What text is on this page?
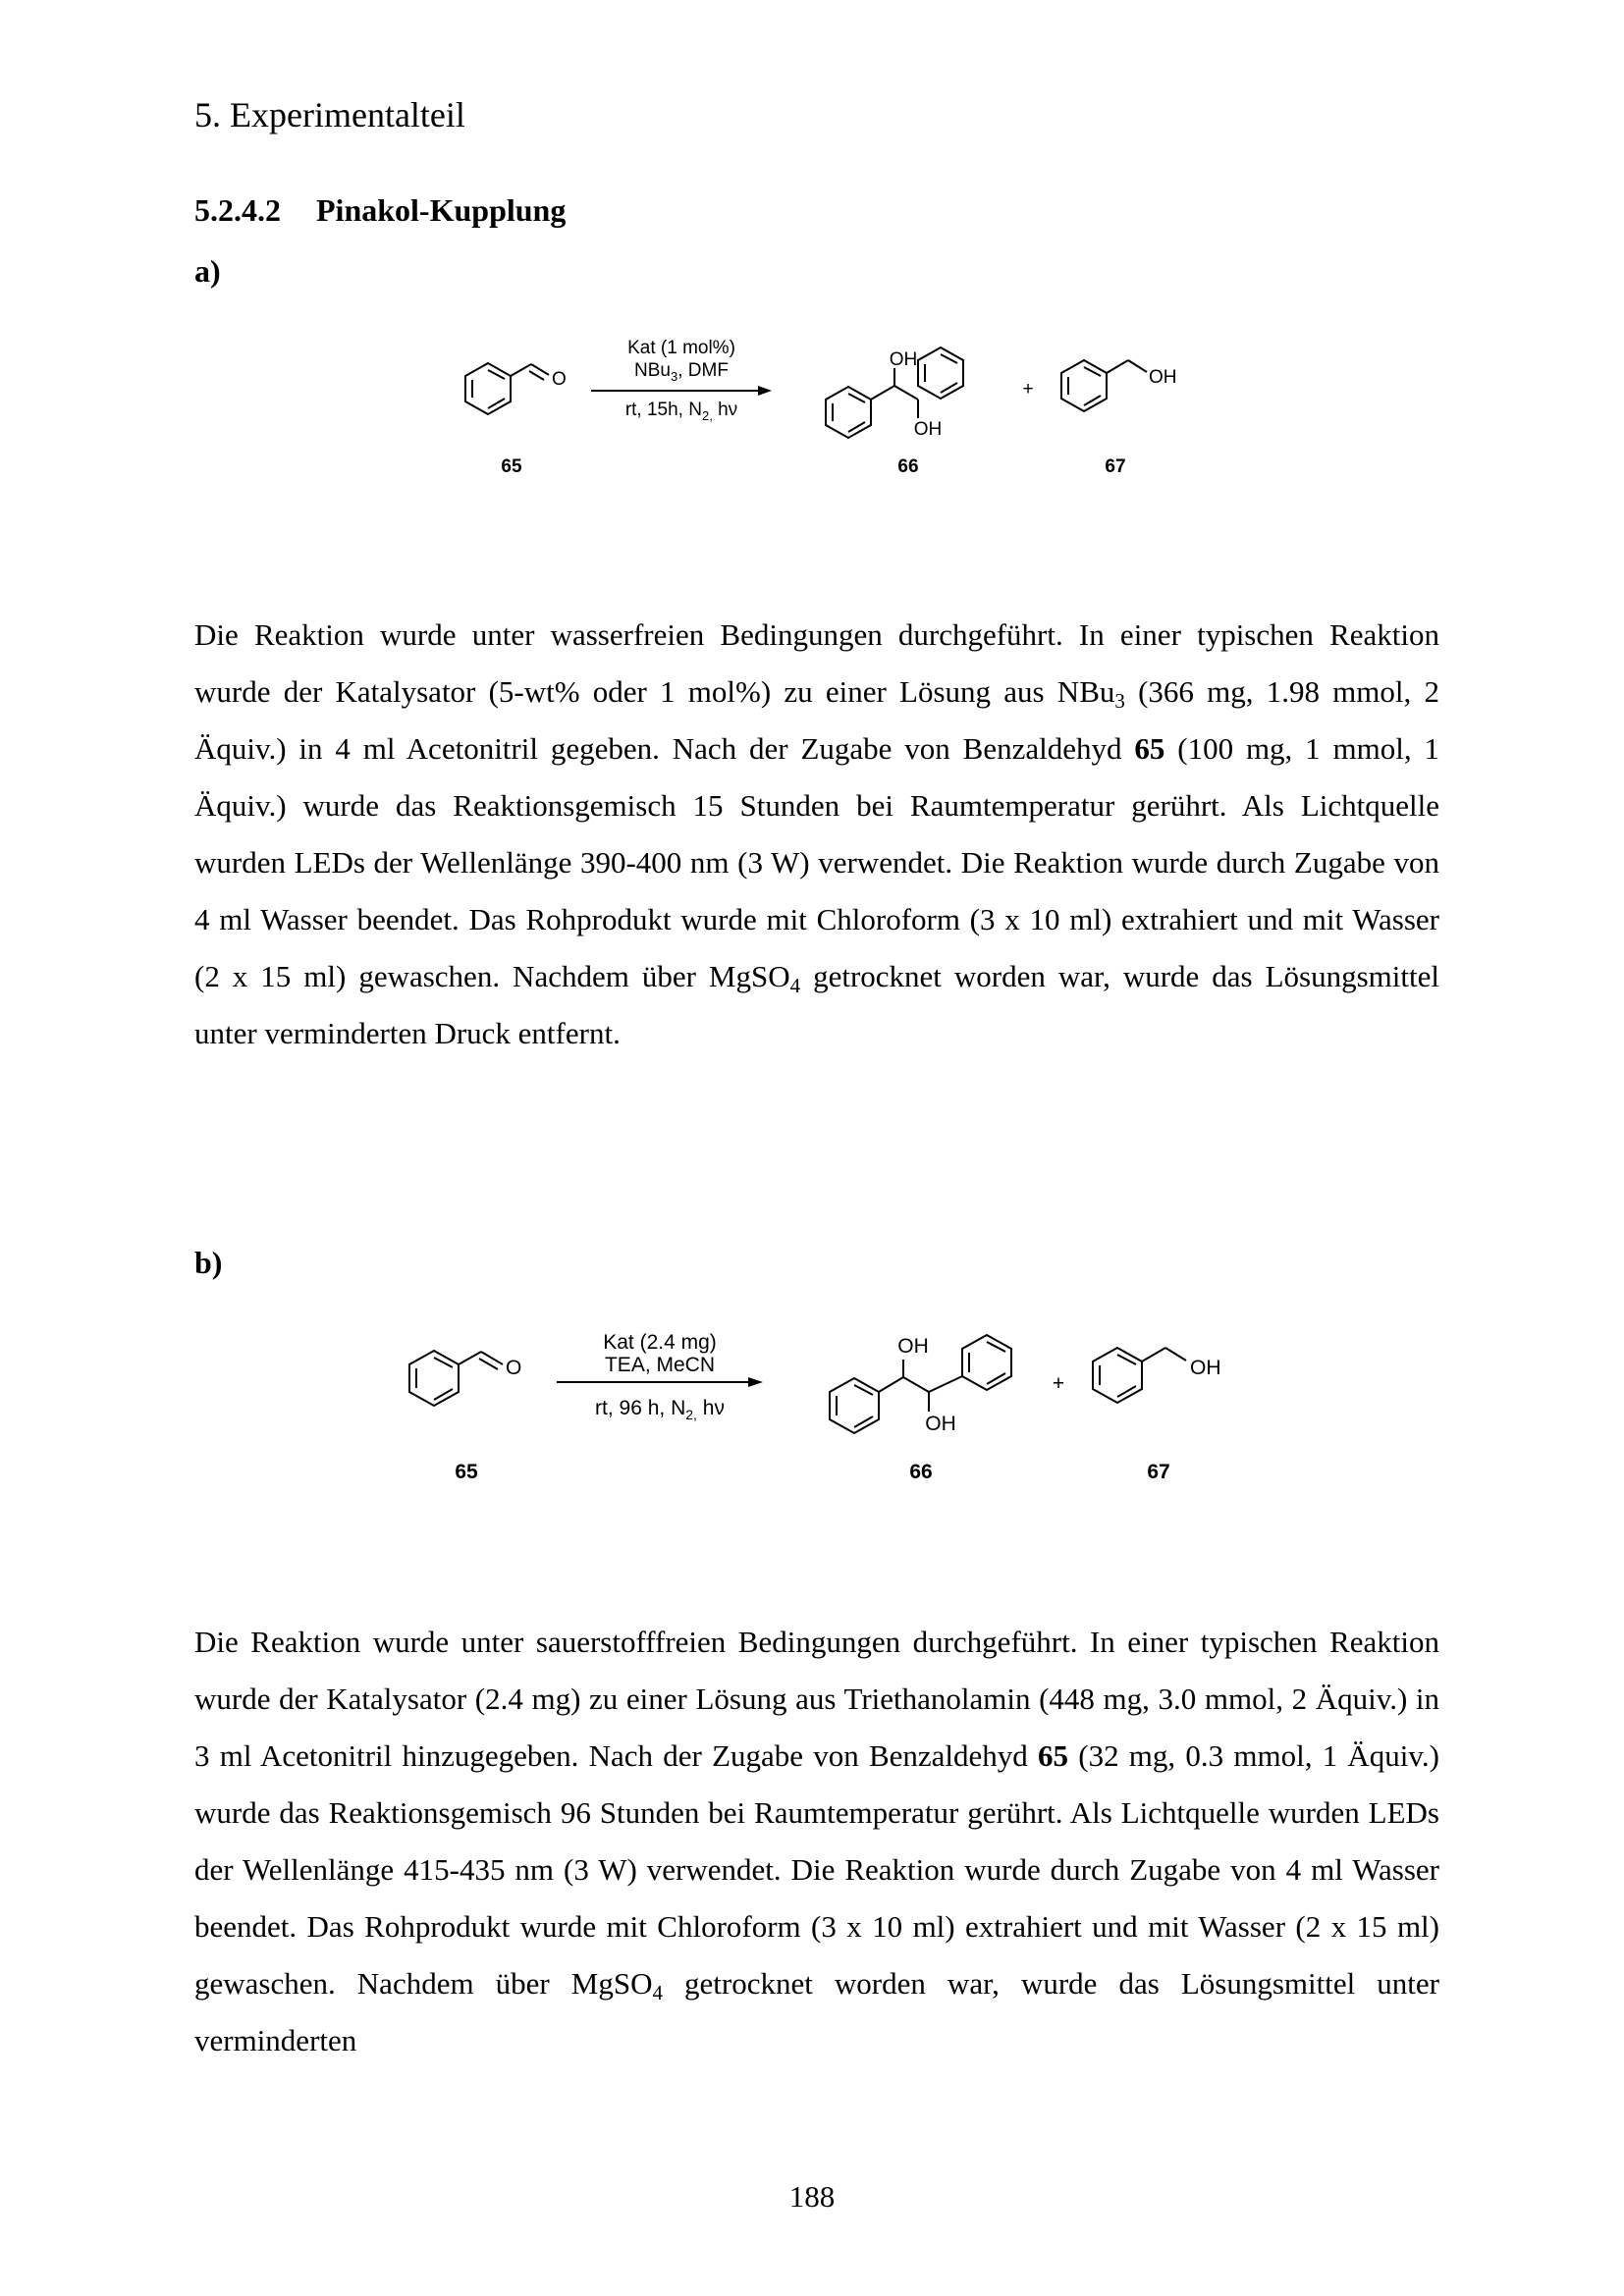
5. Experimentalteil
5.2.4.2 Pinakol-Kupplung
a)
O
Kat (1 mol%)
NBu$_3$, DMF
rt, 15h, $N_{2,}$ hν
OH
OH
+
OH
65	66	67

Die Reaktion wurde unter wasserfreien Bedingungen durchgeführt. In einer typischen Reaktion wurde der Katalysator (5-wt% oder 1 mol%) zu einer Lösung aus NBu$_3$ (366 mg, 1.98 mmol, 2 Äquiv.) in 4 ml Acetonitril gegeben. Nach der Zugabe von Benzaldehyd 65 (100 mg, 1 mmol, 1 Äquiv.) wurde das Reaktionsgemisch 15 Stunden bei Raumtemperatur gerührt. Als Lichtquelle wurden LEDs der Wellenlänge 390-400 nm (3 W) verwendet. Die Reaktion wurde durch Zugabe von 4 ml Wasser beendet. Das Rohprodukt wurde mit Chloroform (3 x 10 ml) extrahiert und mit Wasser (2 x 15 ml) gewaschen. Nachdem über MgSO$_4$ getrocknet worden war, wurde das Lösungsmittel unter verminderten Druck entfernt.

b)
O
Kat (2.4 mg)
TEA, MeCN
rt, 96 h, $N_{2,}$ hν
OH
OH
+
OH
65	66	67

Die Reaktion wurde unter sauerstofffreien Bedingungen durchgeführt. In einer typischen Reaktion wurde der Katalysator (2.4 mg) zu einer Lösung aus Triethanolamin (448 mg, 3.0 mmol, 2 Äquiv.) in 3 ml Acetonitril hinzugegeben. Nach der Zugabe von Benzaldehyd 65 (32 mg, 0.3 mmol, 1 Äquiv.) wurde das Reaktionsgemisch 96 Stunden bei Raumtemperatur gerührt. Als Lichtquelle wurden LEDs der Wellenlänge 415-435 nm (3 W) verwendet. Die Reaktion wurde durch Zugabe von 4 ml Wasser beendet. Das Rohprodukt wurde mit Chloroform (3 x 10 ml) extrahiert und mit Wasser (2 x 15 ml) gewaschen. Nachdem über MgSO$_4$ getrocknet worden war, wurde das Lösungsmittel unter verminderten

188
